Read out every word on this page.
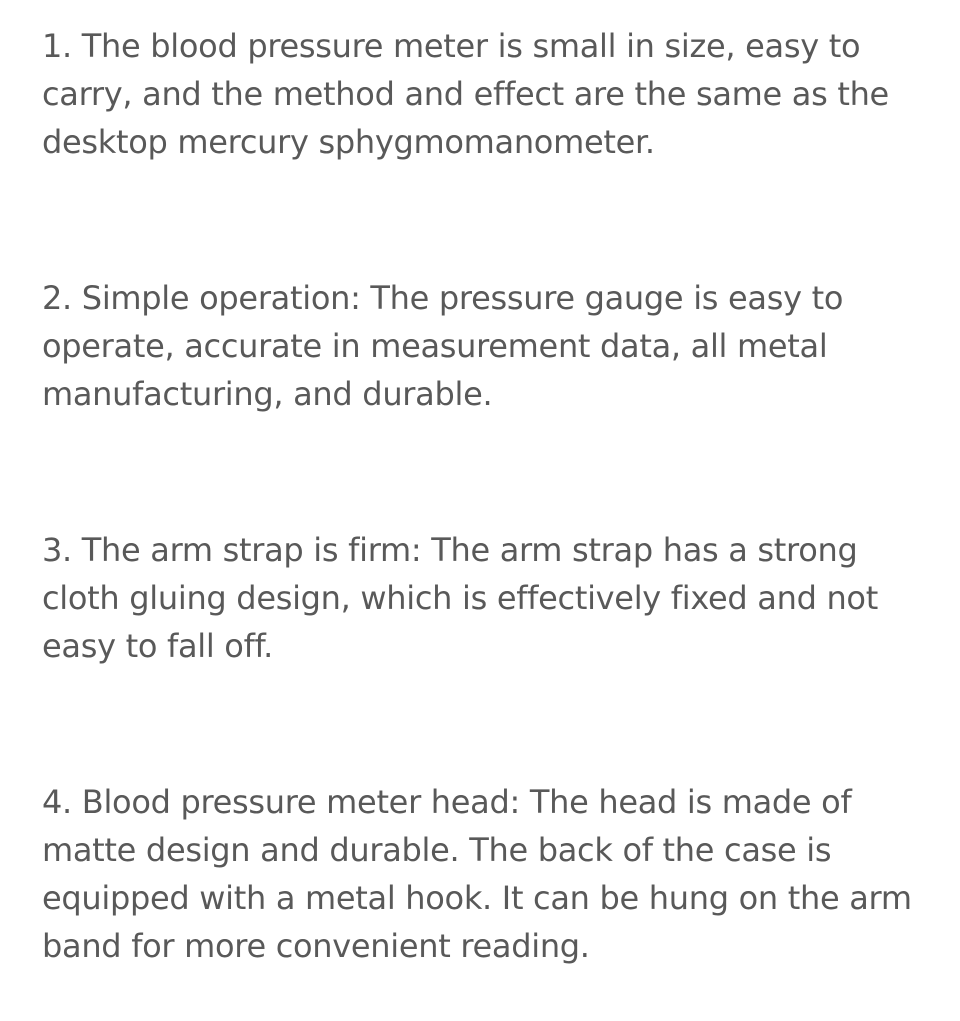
1. The blood pressure meter is small in size, easy to carry, and the method and effect are the same as the desktop mercury sphygmomanometer.

2. Simple operation: The pressure gauge is easy to operate, accurate in measurement data, all metal manufacturing, and durable.

3. The arm strap is firm: The arm strap has a strong cloth gluing design, which is effectively fixed and not easy to fall off.

4. Blood pressure meter head: The head is made of matte design and durable. The back of the case is equipped with a metal hook. It can be hung on the arm band for more convenient reading.
